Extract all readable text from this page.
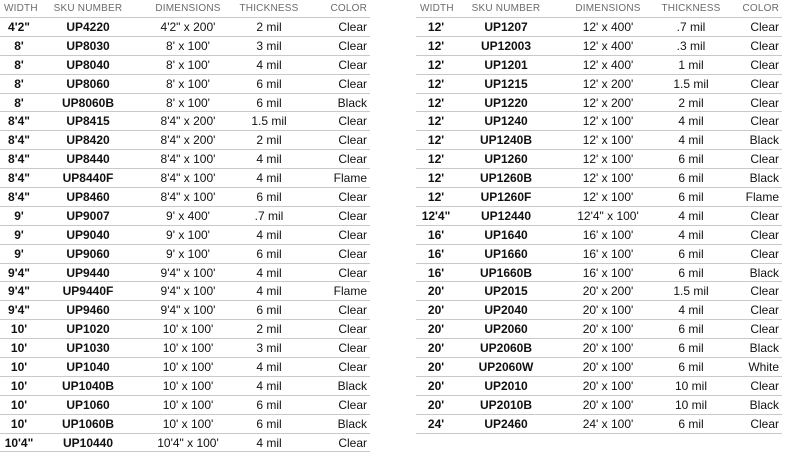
WIDTH	SKU NUMBER	DIMENSIONS	THICKNESS	COLOR
4'2"	UP4220	4'2" x 200'	2 mil	Clear
8'	UP8030	8' x 100'	3 mil	Clear
8'	UP8040	8' x 100'	4 mil	Clear
8'	UP8060	8' x 100'	6 mil	Clear
8'	UP8060B	8' x 100'	6 mil	Black
8'4"	UP8415	8'4" x 200'	1.5 mil	Clear
8'4"	UP8420	8'4" x 200'	2 mil	Clear
8'4"	UP8440	8'4" x 100'	4 mil	Clear
8'4"	UP8440F	8'4" x 100'	4 mil	Flame
8'4"	UP8460	8'4" x 100'	6 mil	Clear
9'	UP9007	9' x 400'	.7 mil	Clear
9'	UP9040	9' x 100'	4 mil	Clear
9'	UP9060	9' x 100'	6 mil	Clear
9'4"	UP9440	9'4" x 100'	4 mil	Clear
9'4"	UP9440F	9'4" x 100'	4 mil	Flame
9'4"	UP9460	9'4" x 100'	6 mil	Clear
10'	UP1020	10' x 100'	2 mil	Clear
10'	UP1030	10' x 100'	3 mil	Clear
10'	UP1040	10' x 100'	4 mil	Clear
10'	UP1040B	10' x 100'	4 mil	Black
10'	UP1060	10' x 100'	6 mil	Clear
10'	UP1060B	10' x 100'	6 mil	Black
10'4"	UP10440	10'4" x 100'	4 mil	Clear
WIDTH	SKU NUMBER	DIMENSIONS	THICKNESS	COLOR
12'	UP1207	12' x 400'	.7 mil	Clear
12'	UP12003	12' x 400'	.3 mil	Clear
12'	UP1201	12' x 400'	1 mil	Clear
12'	UP1215	12' x 200'	1.5 mil	Clear
12'	UP1220	12' x 200'	2 mil	Clear
12'	UP1240	12' x 100'	4 mil	Clear
12'	UP1240B	12' x 100'	4 mil	Black
12'	UP1260	12' x 100'	6 mil	Clear
12'	UP1260B	12' x 100'	6 mil	Black
12'	UP1260F	12' x 100'	6 mil	Flame
12'4"	UP12440	12'4" x 100'	4 mil	Clear
16'	UP1640	16' x 100'	4 mil	Clear
16'	UP1660	16' x 100'	6 mil	Clear
16'	UP1660B	16' x 100'	6 mil	Black
20'	UP2015	20' x 200'	1.5 mil	Clear
20'	UP2040	20' x 100'	4 mil	Clear
20'	UP2060	20' x 100'	6 mil	Clear
20'	UP2060B	20' x 100'	6 mil	Black
20'	UP2060W	20' x 100'	6 mil	White
20'	UP2010	20' x 100'	10 mil	Clear
20'	UP2010B	20' x 100'	10 mil	Black
24'	UP2460	24' x 100'	6 mil	Clear
